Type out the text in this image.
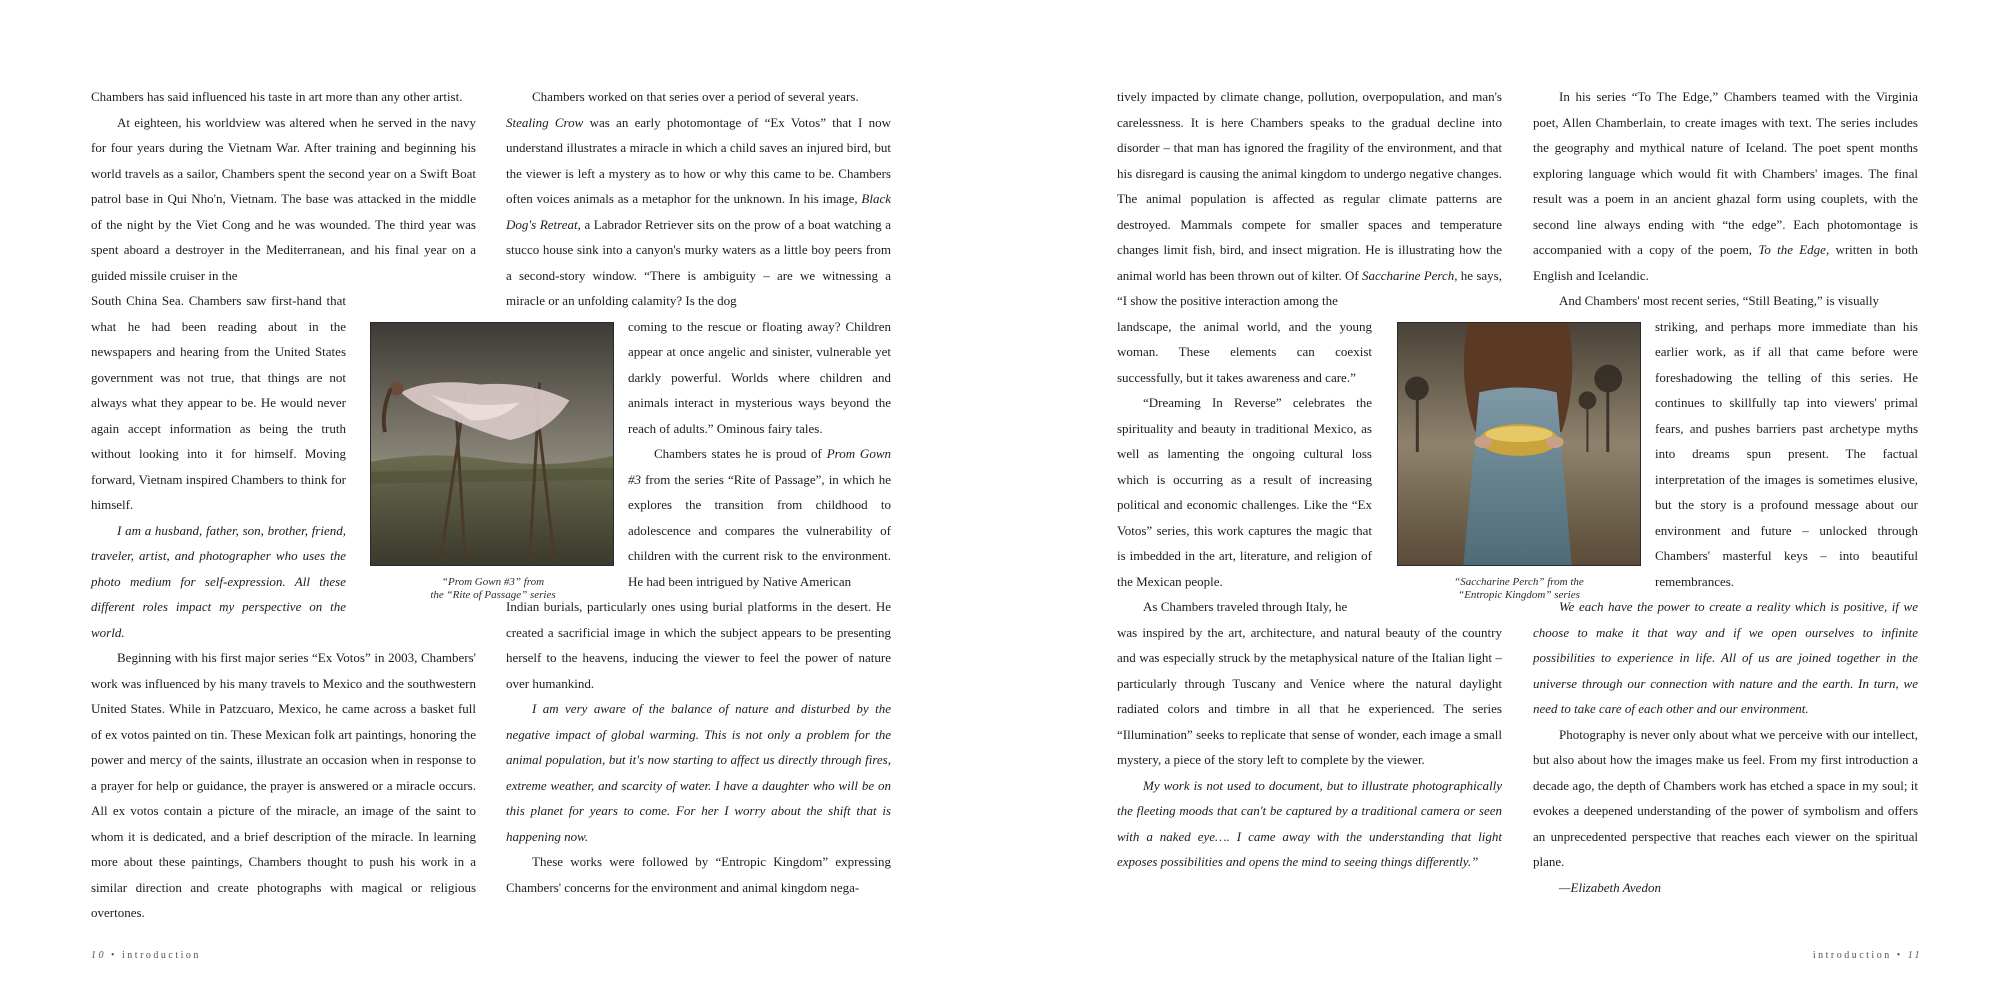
Chambers has said influenced his taste in art more than any other artist.

At eighteen, his worldview was altered when he served in the navy for four years during the Vietnam War. After training and beginning his world travels as a sailor, Chambers spent the second year on a Swift Boat patrol base in Qui Nho'n, Vietnam. The base was attacked in the middle of the night by the Viet Cong and he was wounded. The third year was spent aboard a destroyer in the Mediterranean, and his final year on a guided missile cruiser in the

South China Sea. Chambers saw first-hand that what he had been reading about in the newspapers and hearing from the United States government was not true, that things are not always what they appear to be. He would never again accept information as being the truth without looking into it for himself. Moving forward, Vietnam inspired Chambers to think for himself.

I am a husband, father, son, brother, friend, traveler, artist, and photographer who uses the photo medium for self-expression. All these different roles impact my perspective on the world.

Beginning with his first major series “Ex Votos” in 2003, Chambers' work was influenced by his many travels to Mexico and the southwestern United States. While in Patzcuaro, Mexico, he came across a basket full of ex votos painted on tin. These Mexican folk art paintings, honoring the power and mercy of the saints, illustrate an occasion when in response to a prayer for help or guidance, the prayer is answered or a miracle occurs. All ex votos contain a picture of the miracle, an image of the saint to whom it is dedicated, and a brief description of the miracle. In learning more about these paintings, Chambers thought to push his work in a similar direction and create photographs with magical or religious overtones.

Chambers worked on that series over a period of several years.

Stealing Crow was an early photomontage of “Ex Votos” that I now understand illustrates a miracle in which a child saves an injured bird, but the viewer is left a mystery as to how or why this came to be. Chambers often voices animals as a metaphor for the unknown. In his image, Black Dog's Retreat, a Labrador Retriever sits on the prow of a boat watching a stucco house sink into a canyon's murky waters as a little boy peers from a second-story window. “There is ambiguity – are we witnessing a miracle or an unfolding calamity? Is the dog

coming to the rescue or floating away? Children appear at once angelic and sinister, vulnerable yet darkly powerful. Worlds where children and animals interact in mysterious ways beyond the reach of adults.” Ominous fairy tales.

Chambers states he is proud of Prom Gown #3 from the series “Rite of Passage”, in which he explores the transition from childhood to adolescence and compares the vulnerability of children with the current risk to the environment. He had been intrigued by Native American

Indian burials, particularly ones using burial platforms in the desert. He created a sacrificial image in which the subject appears to be presenting herself to the heavens, inducing the viewer to feel the power of nature over humankind.

I am very aware of the balance of nature and disturbed by the negative impact of global warming. This is not only a problem for the animal population, but it's now starting to affect us directly through fires, extreme weather, and scarcity of water. I have a daughter who will be on this planet for years to come. For her I worry about the shift that is happening now.

These works were followed by “Entropic Kingdom” expressing Chambers' concerns for the environment and animal kingdom nega-

“Prom Gown #3” from
the “Rite of Passage” series
10 • introduction

tively impacted by climate change, pollution, overpopulation, and man's carelessness. It is here Chambers speaks to the gradual decline into disorder – that man has ignored the fragility of the environment, and that his disregard is causing the animal kingdom to undergo negative changes. The animal population is affected as regular climate patterns are destroyed. Mammals compete for smaller spaces and temperature changes limit fish, bird, and insect migration. He is illustrating how the animal world has been thrown out of kilter. Of Saccharine Perch, he says, “I show the positive interaction among the

landscape, the animal world, and the young woman. These elements can coexist successfully, but it takes awareness and care.”

“Dreaming In Reverse” celebrates the spirituality and beauty in traditional Mexico, as well as lamenting the ongoing cultural loss which is occurring as a result of increasing political and economic challenges. Like the “Ex Votos” series, this work captures the magic that is imbedded in the art, literature, and religion of the Mexican people.

As Chambers traveled through Italy, he

was inspired by the art, architecture, and natural beauty of the country and was especially struck by the metaphysical nature of the Italian light – particularly through Tuscany and Venice where the natural daylight radiated colors and timbre in all that he experienced. The series “Illumination” seeks to replicate that sense of wonder, each image a small mystery, a piece of the story left to complete by the viewer.

My work is not used to document, but to illustrate photographically the fleeting moods that can't be captured by a traditional camera or seen with a naked eye…. I came away with the understanding that light exposes possibilities and opens the mind to seeing things differently.”

In his series “To The Edge,” Chambers teamed with the Virginia poet, Allen Chamberlain, to create images with text. The series includes the geography and mythical nature of Iceland. The poet spent months exploring language which would fit with Chambers' images. The final result was a poem in an ancient ghazal form using couplets, with the second line always ending with “the edge”. Each photomontage is accompanied with a copy of the poem, To the Edge, written in both English and Icelandic.

And Chambers' most recent series, “Still Beating,” is visually

striking, and perhaps more immediate than his earlier work, as if all that came before were foreshadowing the telling of this series. He continues to skillfully tap into viewers' primal fears, and pushes barriers past archetype myths into dreams spun present. The factual interpretation of the images is sometimes elusive, but the story is a profound message about our environment and future – unlocked through Chambers' masterful keys – into beautiful remembrances.

We each have the power to create a reality which is positive, if we choose to make it that way and if we open ourselves to infinite possibilities to experience in life. All of us are joined together in the universe through our connection with nature and the earth. In turn, we need to take care of each other and our environment.

Photography is never only about what we perceive with our intellect, but also about how the images make us feel. From my first introduction a decade ago, the depth of Chambers work has etched a space in my soul; it evokes a deepened understanding of the power of symbolism and offers an unprecedented perspective that reaches each viewer on the spiritual plane.

—Elizabeth Avedon

“Saccharine Perch” from the
“Entropic Kingdom” series
introduction • 11
